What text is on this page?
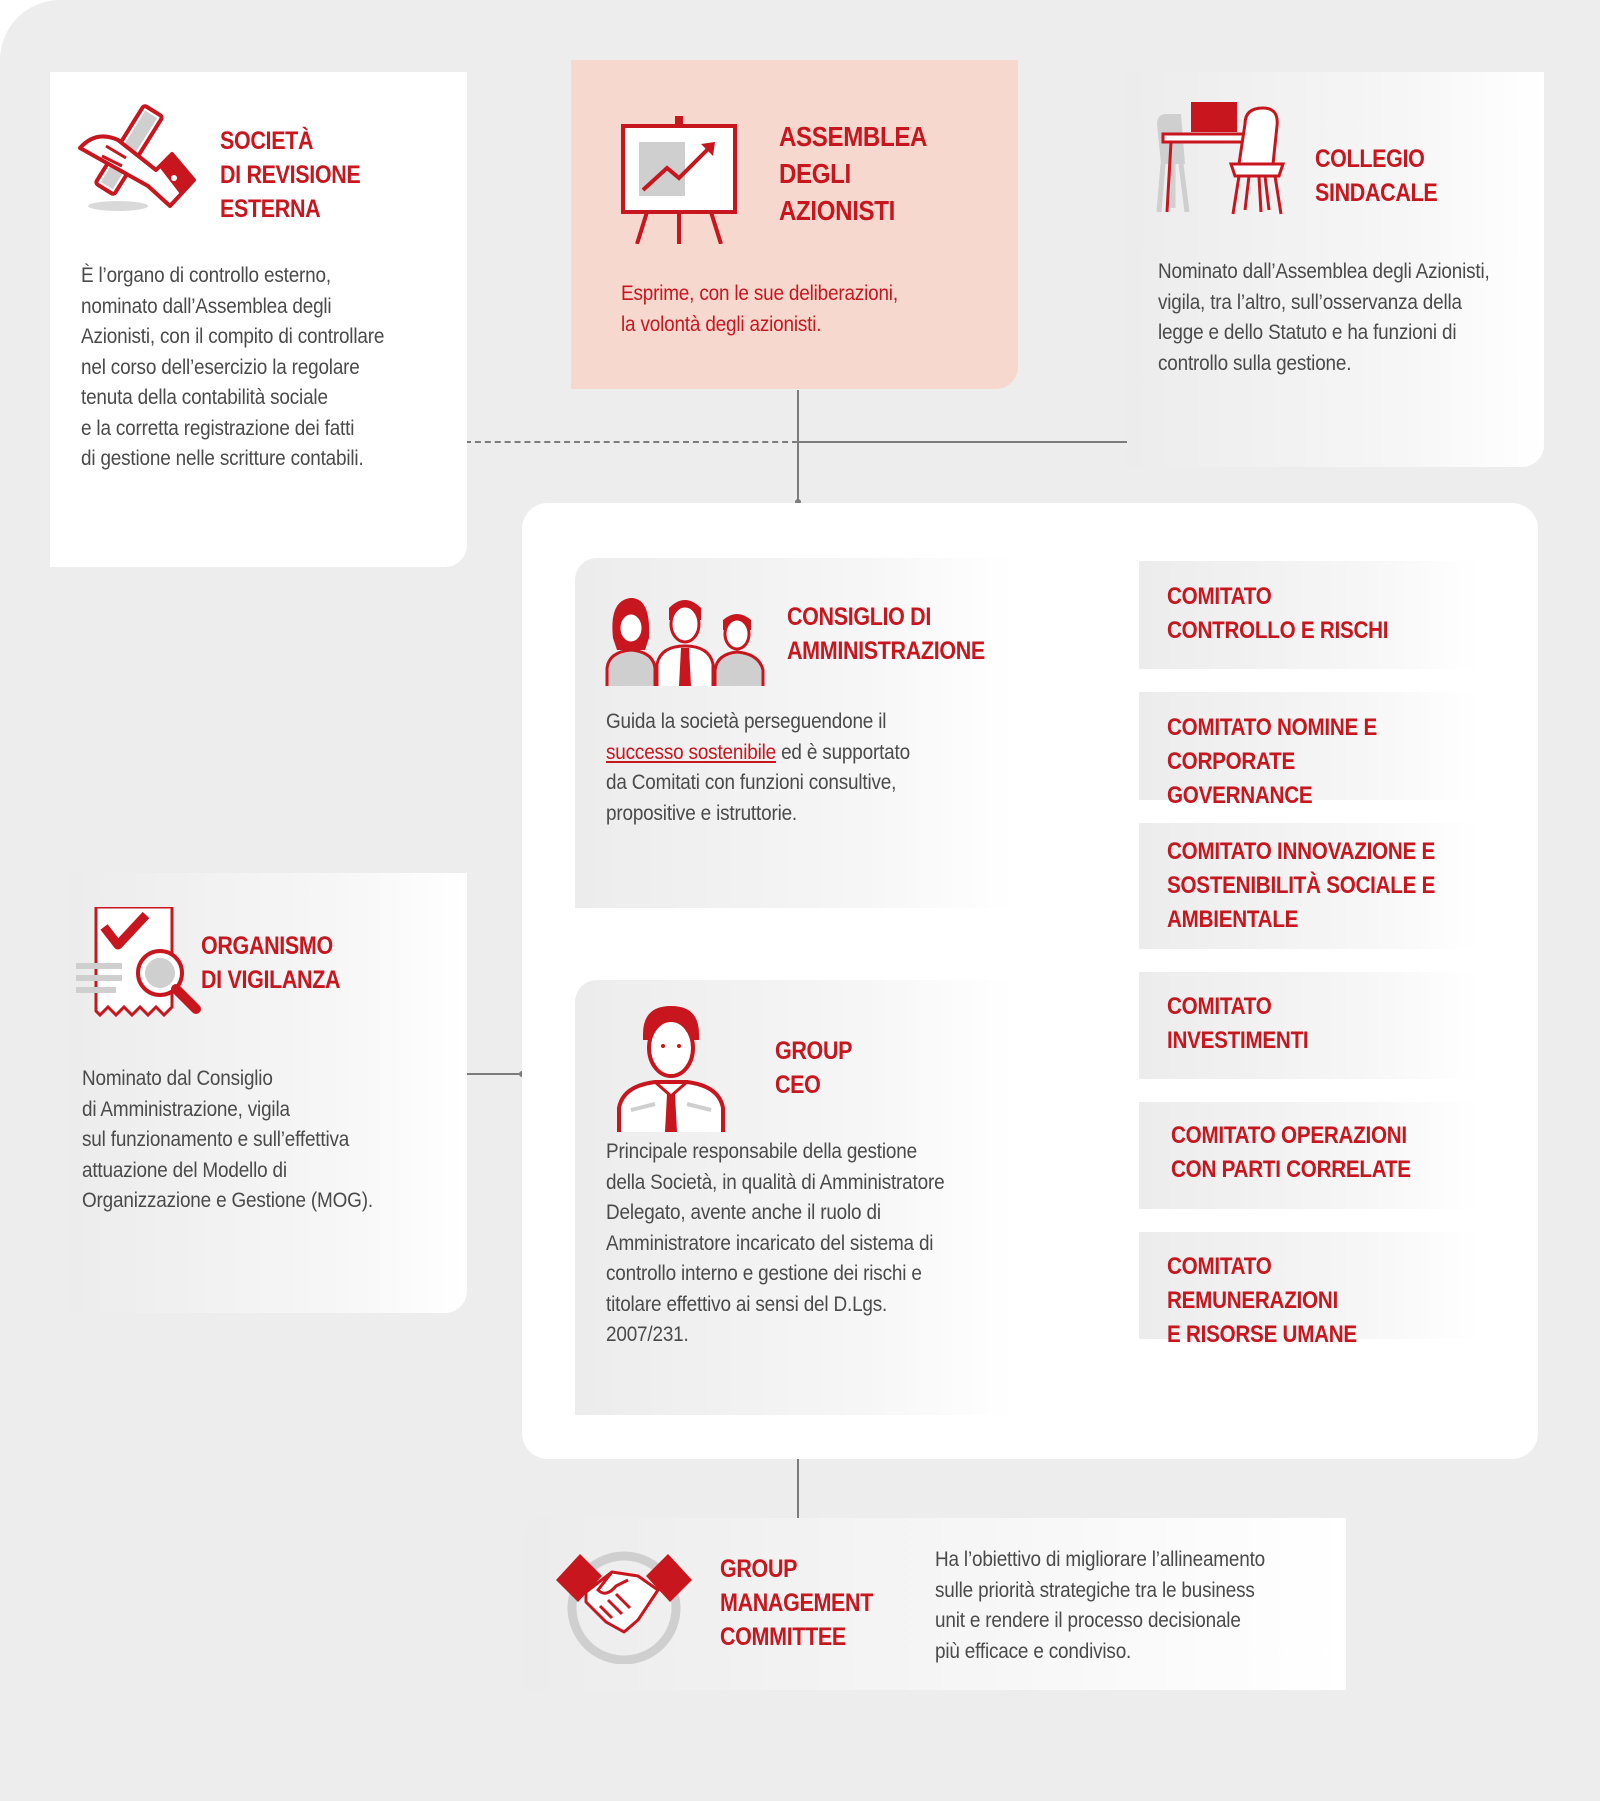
SOCIETÀ
DI REVISIONE
ESTERNA
È l’organo di controllo esterno,
nominato dall’Assemblea degli
Azionisti, con il compito di controllare
nel corso dell’esercizio la regolare
tenuta della contabilità sociale
e la corretta registrazione dei fatti
di gestione nelle scritture contabili.
ASSEMBLEA
DEGLI
AZIONISTI
Esprime, con le sue deliberazioni,
la volontà degli azionisti.
COLLEGIO
SINDACALE
Nominato dall’Assemblea degli Azionisti,
vigila, tra l’altro, sull’osservanza della
legge e dello Statuto e ha funzioni di
controllo sulla gestione.
CONSIGLIO DI
AMMINISTRAZIONE
Guida la società perseguendone il
successo sostenibile ed è supportato
da Comitati con funzioni consultive,
propositive e istruttorie.
GROUP
CEO
Principale responsabile della gestione
della Società, in qualità di Amministratore
Delegato, avente anche il ruolo di
Amministratore incaricato del sistema di
controllo interno e gestione dei rischi e
titolare effettivo ai sensi del D.Lgs. 2007/231.
COMITATO
CONTROLLO E RISCHI
COMITATO NOMINE E
CORPORATE GOVERNANCE
COMITATO INNOVAZIONE E
SOSTENIBILITÀ SOCIALE E
AMBIENTALE
COMITATO
INVESTIMENTI
COMITATO OPERAZIONI
CON PARTI CORRELATE
COMITATO REMUNERAZIONI
E RISORSE UMANE
ORGANISMO
DI VIGILANZA
Nominato dal Consiglio
di Amministrazione, vigila
sul funzionamento e sull’effettiva
attuazione del Modello di
Organizzazione e Gestione (MOG).
GROUP
MANAGEMENT
COMMITTEE
Ha l’obiettivo di migliorare l’allineamento
sulle priorità strategiche tra le business
unit e rendere il processo decisionale
più efficace e condiviso.
